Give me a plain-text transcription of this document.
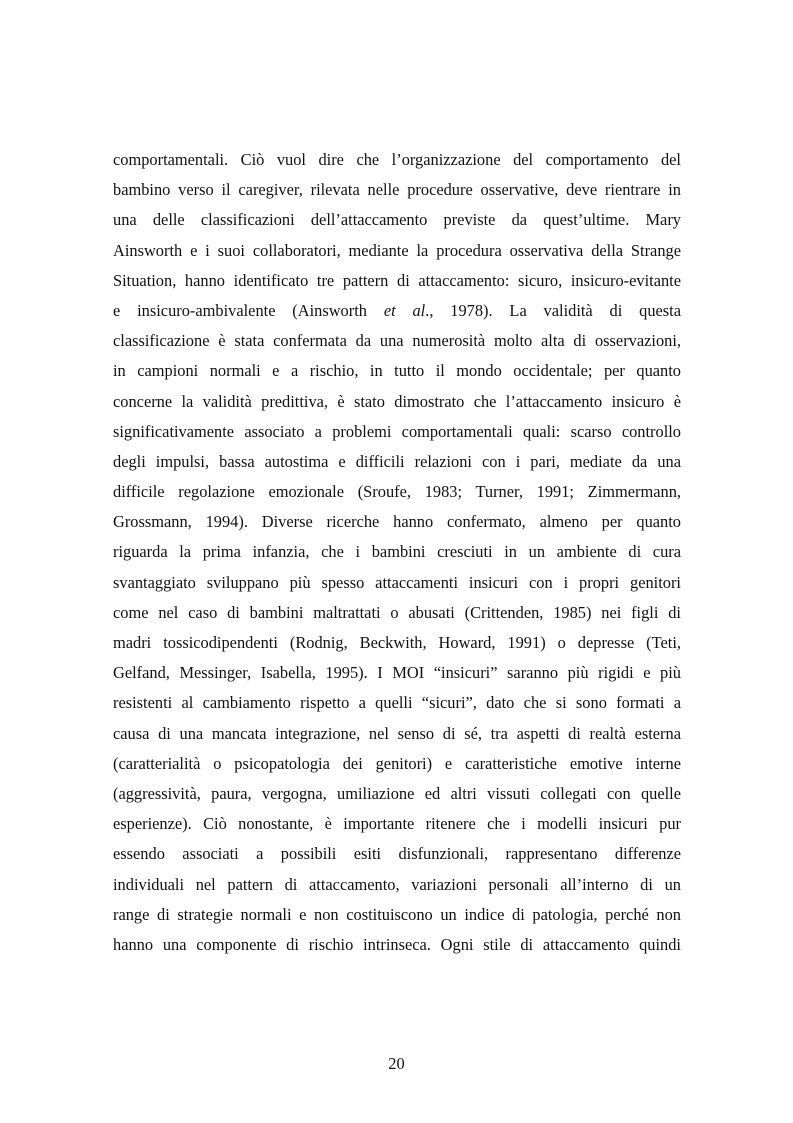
comportamentali. Ciò vuol dire che l’organizzazione del comportamento del
bambino verso il caregiver, rilevata nelle procedure osservative, deve rientrare in
una delle classificazioni dell’attaccamento previste da quest’ultime. Mary
Ainsworth e i suoi collaboratori, mediante la procedura osservativa della Strange
Situation, hanno identificato tre pattern di attaccamento: sicuro, insicuro-evitante
e insicuro-ambivalente (Ainsworth et al., 1978). La validità di questa
classificazione è stata confermata da una numerosità molto alta di osservazioni,
in campioni normali e a rischio, in tutto il mondo occidentale; per quanto
concerne la validità predittiva, è stato dimostrato che l’attaccamento insicuro è
significativamente associato a problemi comportamentali quali: scarso controllo
degli impulsi, bassa autostima e difficili relazioni con i pari, mediate da una
difficile regolazione emozionale (Sroufe, 1983; Turner, 1991; Zimmermann,
Grossmann, 1994). Diverse ricerche hanno confermato, almeno per quanto
riguarda la prima infanzia, che i bambini cresciuti in un ambiente di cura
svantaggiato sviluppano più spesso attaccamenti insicuri con i propri genitori
come nel caso di bambini maltrattati o abusati (Crittenden, 1985) nei figli di
madri tossicodipendenti (Rodnig, Beckwith, Howard, 1991) o depresse (Teti,
Gelfand, Messinger, Isabella, 1995). I MOI “insicuri” saranno più rigidi e più
resistenti al cambiamento rispetto a quelli “sicuri”, dato che si sono formati a
causa di una mancata integrazione, nel senso di sé, tra aspetti di realtà esterna
(caratterialità o psicopatologia dei genitori) e caratteristiche emotive interne
(aggressività, paura, vergogna, umiliazione ed altri vissuti collegati con quelle
esperienze). Ciò nonostante, è importante ritenere che i modelli insicuri pur
essendo associati a possibili esiti disfunzionali, rappresentano differenze
individuali nel pattern di attaccamento, variazioni personali all’interno di un
range di strategie normali e non costituiscono un indice di patologia, perché non
hanno una componente di rischio intrinseca. Ogni stile di attaccamento quindi
20
